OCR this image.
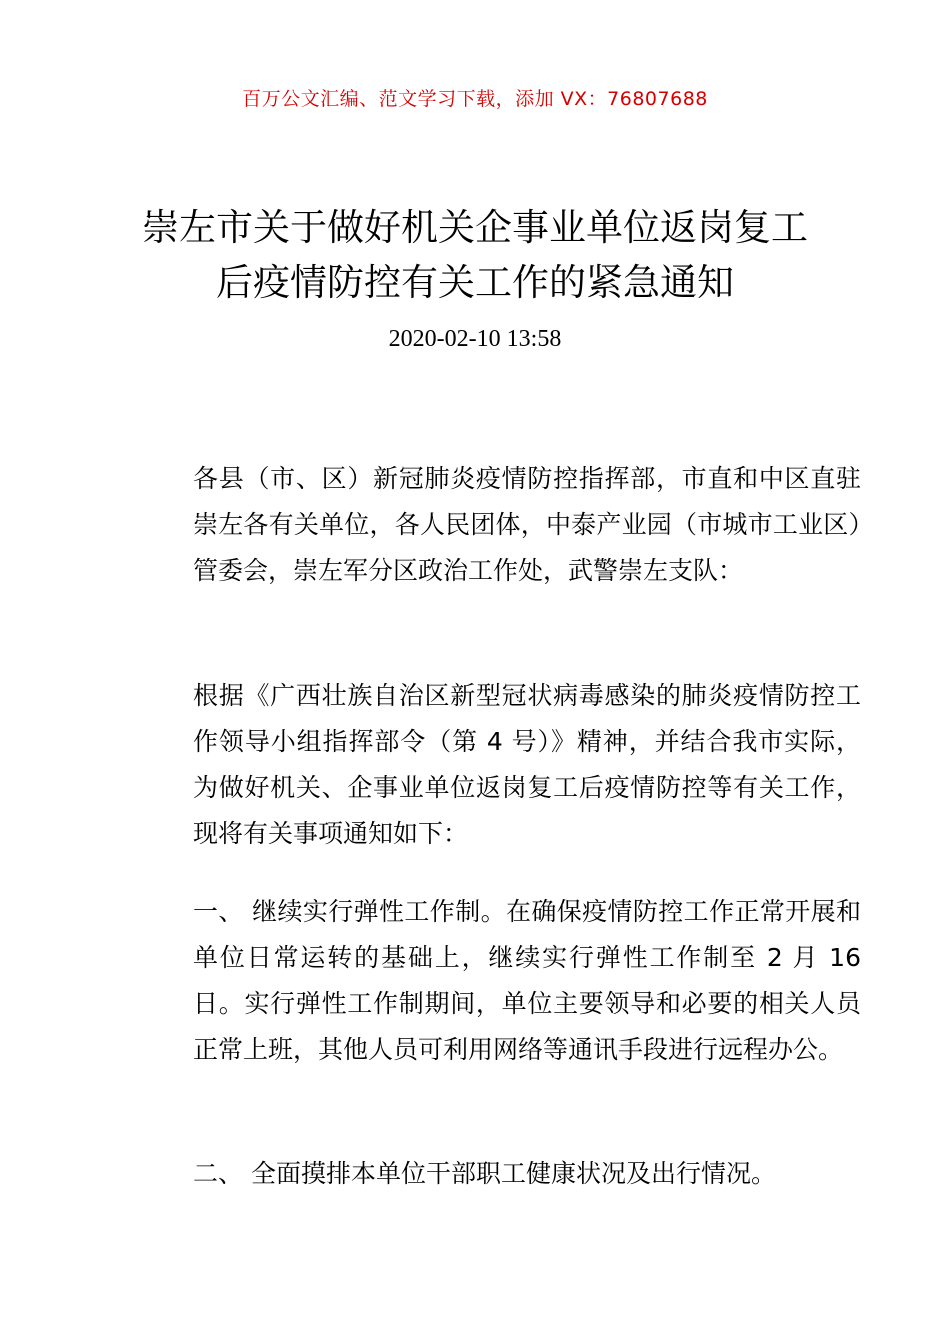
百万公文汇编、范文学习下载，添加 VX：76807688
崇左市关于做好机关企事业单位返岗复工
后疫情防控有关工作的紧急通知
2020-02-10 13:58

各县（市、区）新冠肺炎疫情防控指挥部，市直和中区直驻崇左各有关单位，各人民团体，中泰产业园（市城市工业区）管委会，崇左军分区政治工作处，武警崇左支队：

根据《广西壮族自治区新型冠状病毒感染的肺炎疫情防控工作领导小组指挥部令（第 4 号）》精神，并结合我市实际，为做好机关、企事业单位返岗复工后疫情防控等有关工作，现将有关事项通知如下：

一、 继续实行弹性工作制。在确保疫情防控工作正常开展和单位日常运转的基础上，继续实行弹性工作制至 2 月 16 日。实行弹性工作制期间，单位主要领导和必要的相关人员正常上班，其他人员可利用网络等通讯手段进行远程办公。

二、 全面摸排本单位干部职工健康状况及出行情况。
